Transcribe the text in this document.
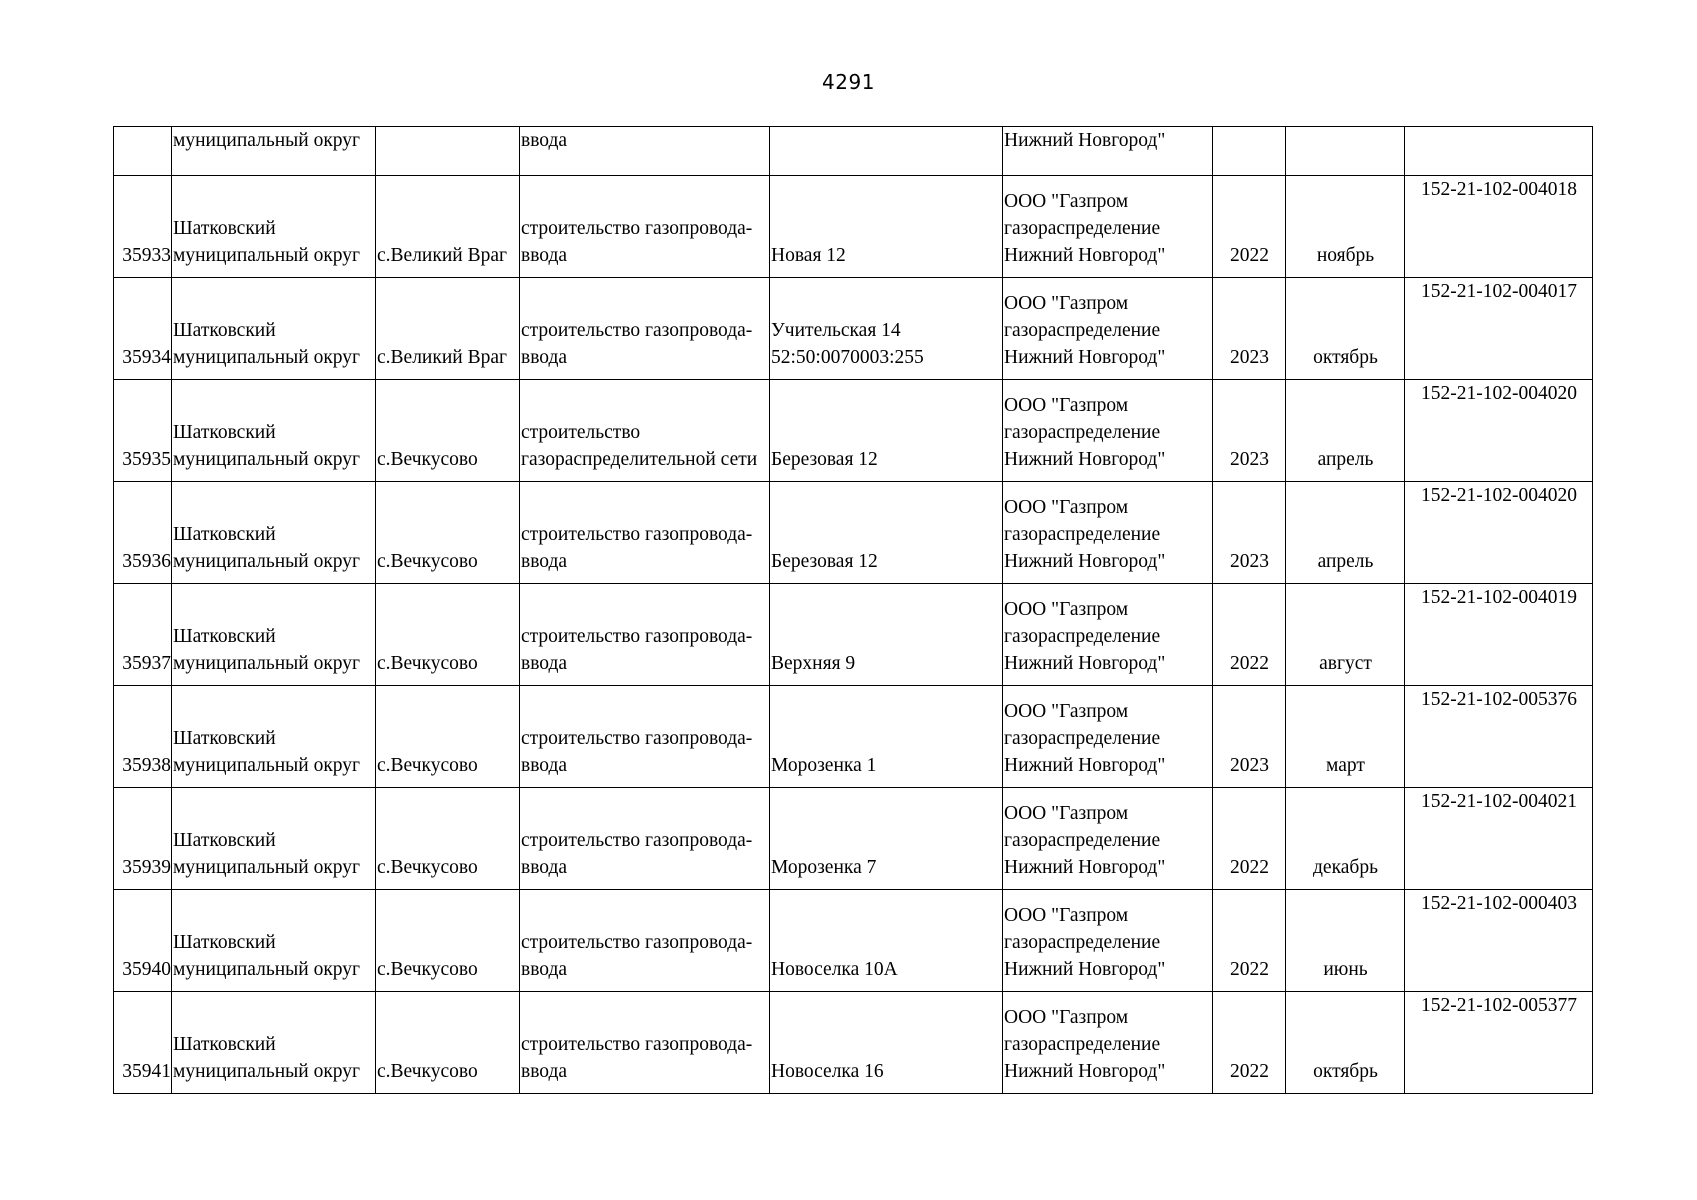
4291

	муниципальный округ		ввода		Нижний Новгород"			

35933	Шатковский
муниципальный округ	с.Великий Враг	строительство газопровода-
ввода	Новая 12	ООО "Газпром
газораспределение
Нижний Новгород"	2022	ноябрь	152-21-102-004018

35934	Шатковский
муниципальный округ	с.Великий Враг	строительство газопровода-
ввода	Учительская 14
52:50:0070003:255	ООО "Газпром
газораспределение
Нижний Новгород"	2023	октябрь	152-21-102-004017

35935	Шатковский
муниципальный округ	с.Вечкусово	строительство
газораспределительной сети	Березовая 12	ООО "Газпром
газораспределение
Нижний Новгород"	2023	апрель	152-21-102-004020

35936	Шатковский
муниципальный округ	с.Вечкусово	строительство газопровода-
ввода	Березовая 12	ООО "Газпром
газораспределение
Нижний Новгород"	2023	апрель	152-21-102-004020

35937	Шатковский
муниципальный округ	с.Вечкусово	строительство газопровода-
ввода	Верхняя 9	ООО "Газпром
газораспределение
Нижний Новгород"	2022	август	152-21-102-004019

35938	Шатковский
муниципальный округ	с.Вечкусово	строительство газопровода-
ввода	Морозенка 1	ООО "Газпром
газораспределение
Нижний Новгород"	2023	март	152-21-102-005376

35939	Шатковский
муниципальный округ	с.Вечкусово	строительство газопровода-
ввода	Морозенка 7	ООО "Газпром
газораспределение
Нижний Новгород"	2022	декабрь	152-21-102-004021

35940	Шатковский
муниципальный округ	с.Вечкусово	строительство газопровода-
ввода	Новоселка 10А	ООО "Газпром
газораспределение
Нижний Новгород"	2022	июнь	152-21-102-000403

35941	Шатковский
муниципальный округ	с.Вечкусово	строительство газопровода-
ввода	Новоселка 16	ООО "Газпром
газораспределение
Нижний Новгород"	2022	октябрь	152-21-102-005377
